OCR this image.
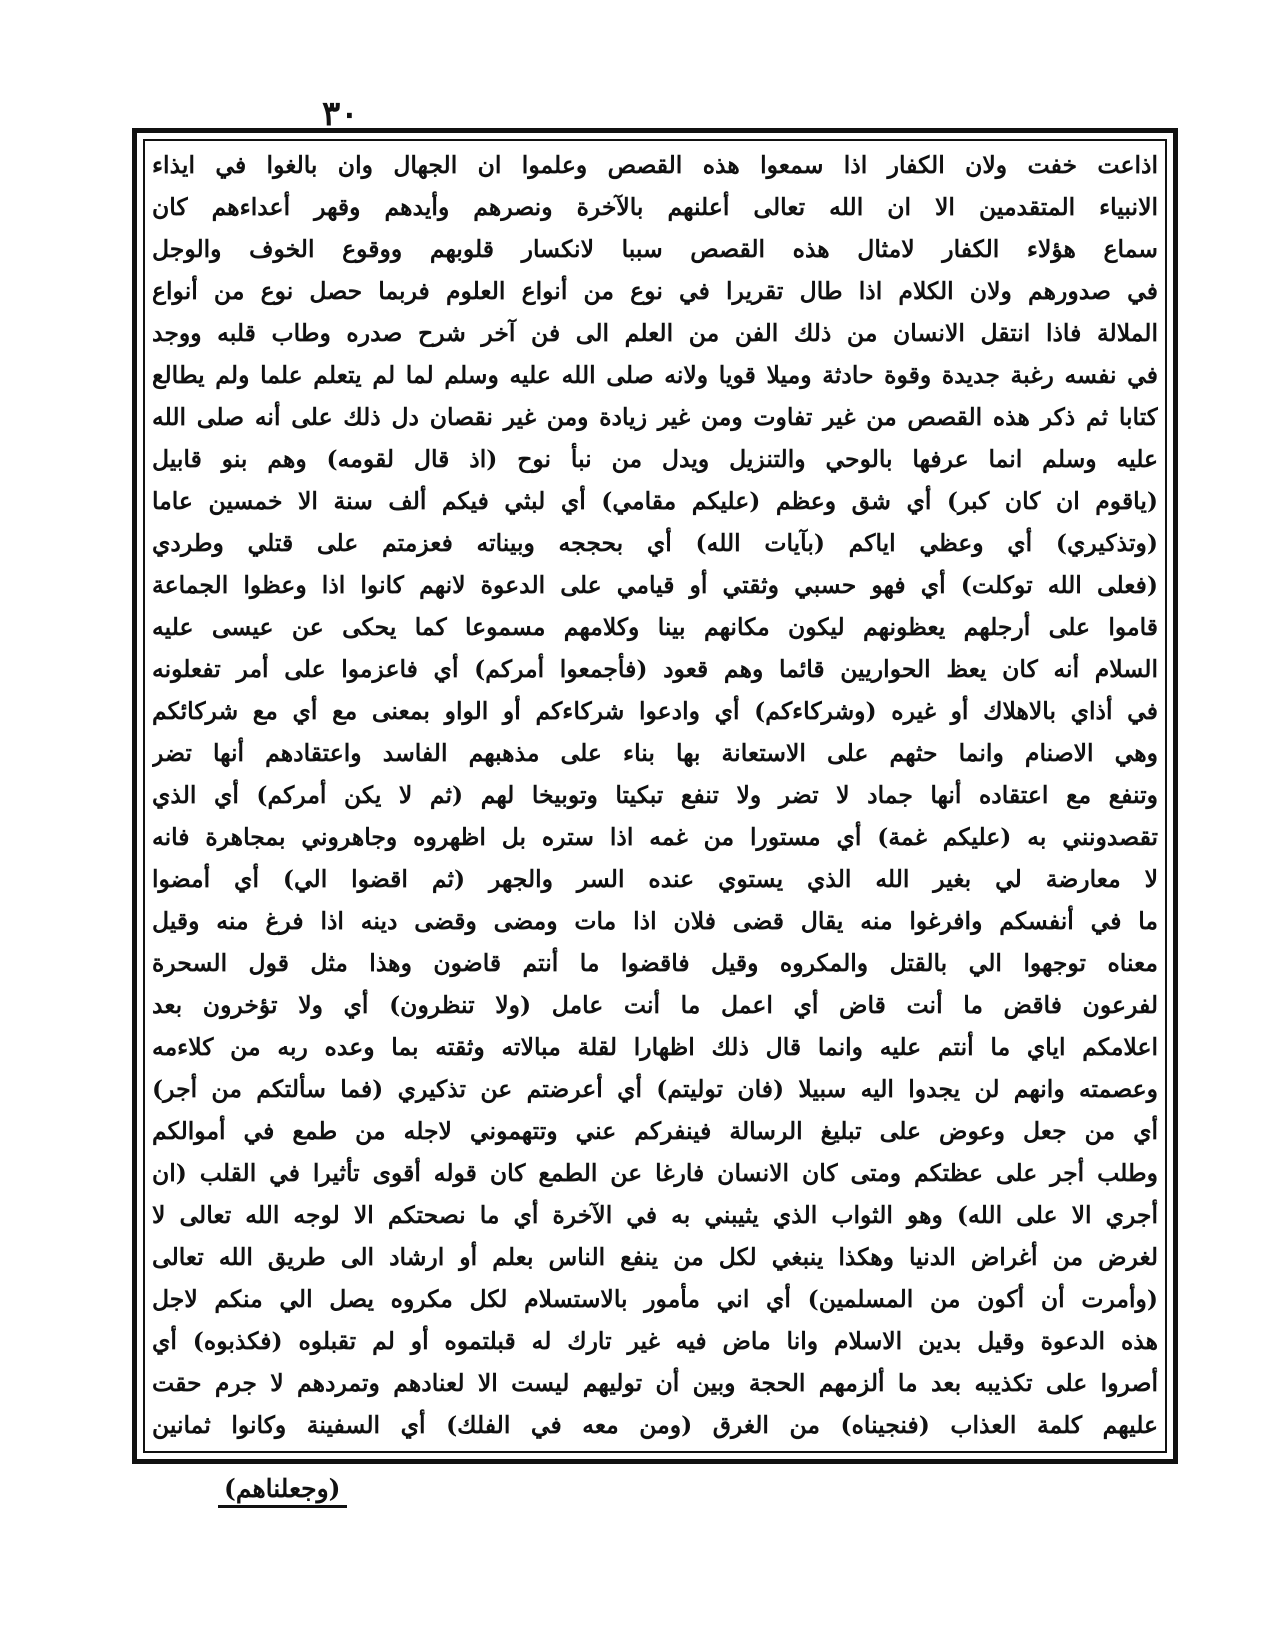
٣٠
اذاعت خفت ولان الكفار اذا سمعوا هذه القصص وعلموا ان الجهال وان بالغوا في ايذاء
الانبياء المتقدمين الا ان الله تعالى أعلنهم بالآخرة ونصرهم وأيدهم وقهر أعداءهم كان
سماع هؤلاء الكفار لامثال هذه القصص سببا لانكسار قلوبهم ووقوع الخوف والوجل
في صدورهم ولان الكلام اذا طال تقريرا في نوع من أنواع العلوم فربما حصل نوع من أنواع
الملالة فاذا انتقل الانسان من ذلك الفن من العلم الى فن آخر شرح صدره وطاب قلبه ووجد
في نفسه رغبة جديدة وقوة حادثة وميلا قويا ولانه صلى الله عليه وسلم لما لم يتعلم علما ولم يطالع
كتابا ثم ذكر هذه القصص من غير تفاوت ومن غير زيادة ومن غير نقصان دل ذلك على أنه صلى الله
عليه وسلم انما عرفها بالوحي والتنزيل ويدل من نبأ نوح (اذ قال لقومه) وهم بنو قابيل
(ياقوم ان كان كبر) أي شق وعظم (عليكم مقامي) أي لبثي فيكم ألف سنة الا خمسين عاما
(وتذكيري) أي وعظي اياكم (بآيات الله) أي بحججه وبيناته فعزمتم على قتلي وطردي
(فعلى الله توكلت) أي فهو حسبي وثقتي أو قيامي على الدعوة لانهم كانوا اذا وعظوا الجماعة
قاموا على أرجلهم يعظونهم ليكون مكانهم بينا وكلامهم مسموعا كما يحكى عن عيسى عليه
السلام أنه كان يعظ الحواريين قائما وهم قعود (فأجمعوا أمركم) أي فاعزموا على أمر تفعلونه
في أذاي بالاهلاك أو غيره (وشركاءكم) أي وادعوا شركاءكم أو الواو بمعنى مع أي مع شركائكم
وهي الاصنام وانما حثهم على الاستعانة بها بناء على مذهبهم الفاسد واعتقادهم أنها تضر
وتنفع مع اعتقاده أنها جماد لا تضر ولا تنفع تبكيتا وتوبيخا لهم (ثم لا يكن أمركم) أي الذي
تقصدونني به (عليكم غمة) أي مستورا من غمه اذا ستره بل اظهروه وجاهروني بمجاهرة فانه
لا معارضة لي بغير الله الذي يستوي عنده السر والجهر (ثم اقضوا الي) أي أمضوا
ما في أنفسكم وافرغوا منه يقال قضى فلان اذا مات ومضى وقضى دينه اذا فرغ منه وقيل
معناه توجهوا الي بالقتل والمكروه وقيل فاقضوا ما أنتم قاضون وهذا مثل قول السحرة
لفرعون فاقض ما أنت قاض أي اعمل ما أنت عامل (ولا تنظرون) أي ولا تؤخرون بعد
اعلامكم اياي ما أنتم عليه وانما قال ذلك اظهارا لقلة مبالاته وثقته بما وعده ربه من كلاءمه
وعصمته وانهم لن يجدوا اليه سبيلا (فان توليتم) أي أعرضتم عن تذكيري (فما سألتكم من أجر)
أي من جعل وعوض على تبليغ الرسالة فينفركم عني وتتهموني لاجله من طمع في أموالكم
وطلب أجر على عظتكم ومتى كان الانسان فارغا عن الطمع كان قوله أقوى تأثيرا في القلب (ان
أجري الا على الله) وهو الثواب الذي يثيبني به في الآخرة أي ما نصحتكم الا لوجه الله تعالى لا
لغرض من أغراض الدنيا وهكذا ينبغي لكل من ينفع الناس بعلم أو ارشاد الى طريق الله تعالى
(وأمرت أن أكون من المسلمين) أي اني مأمور بالاستسلام لكل مكروه يصل الي منكم لاجل
هذه الدعوة وقيل بدين الاسلام وانا ماض فيه غير تارك له قبلتموه أو لم تقبلوه (فكذبوه) أي
أصروا على تكذيبه بعد ما ألزمهم الحجة وبين أن توليهم ليست الا لعنادهم وتمردهم لا جرم حقت
عليهم كلمة العذاب (فنجيناه) من الغرق (ومن معه في الفلك) أي السفينة وكانوا ثمانين
(وجعلناهم)
